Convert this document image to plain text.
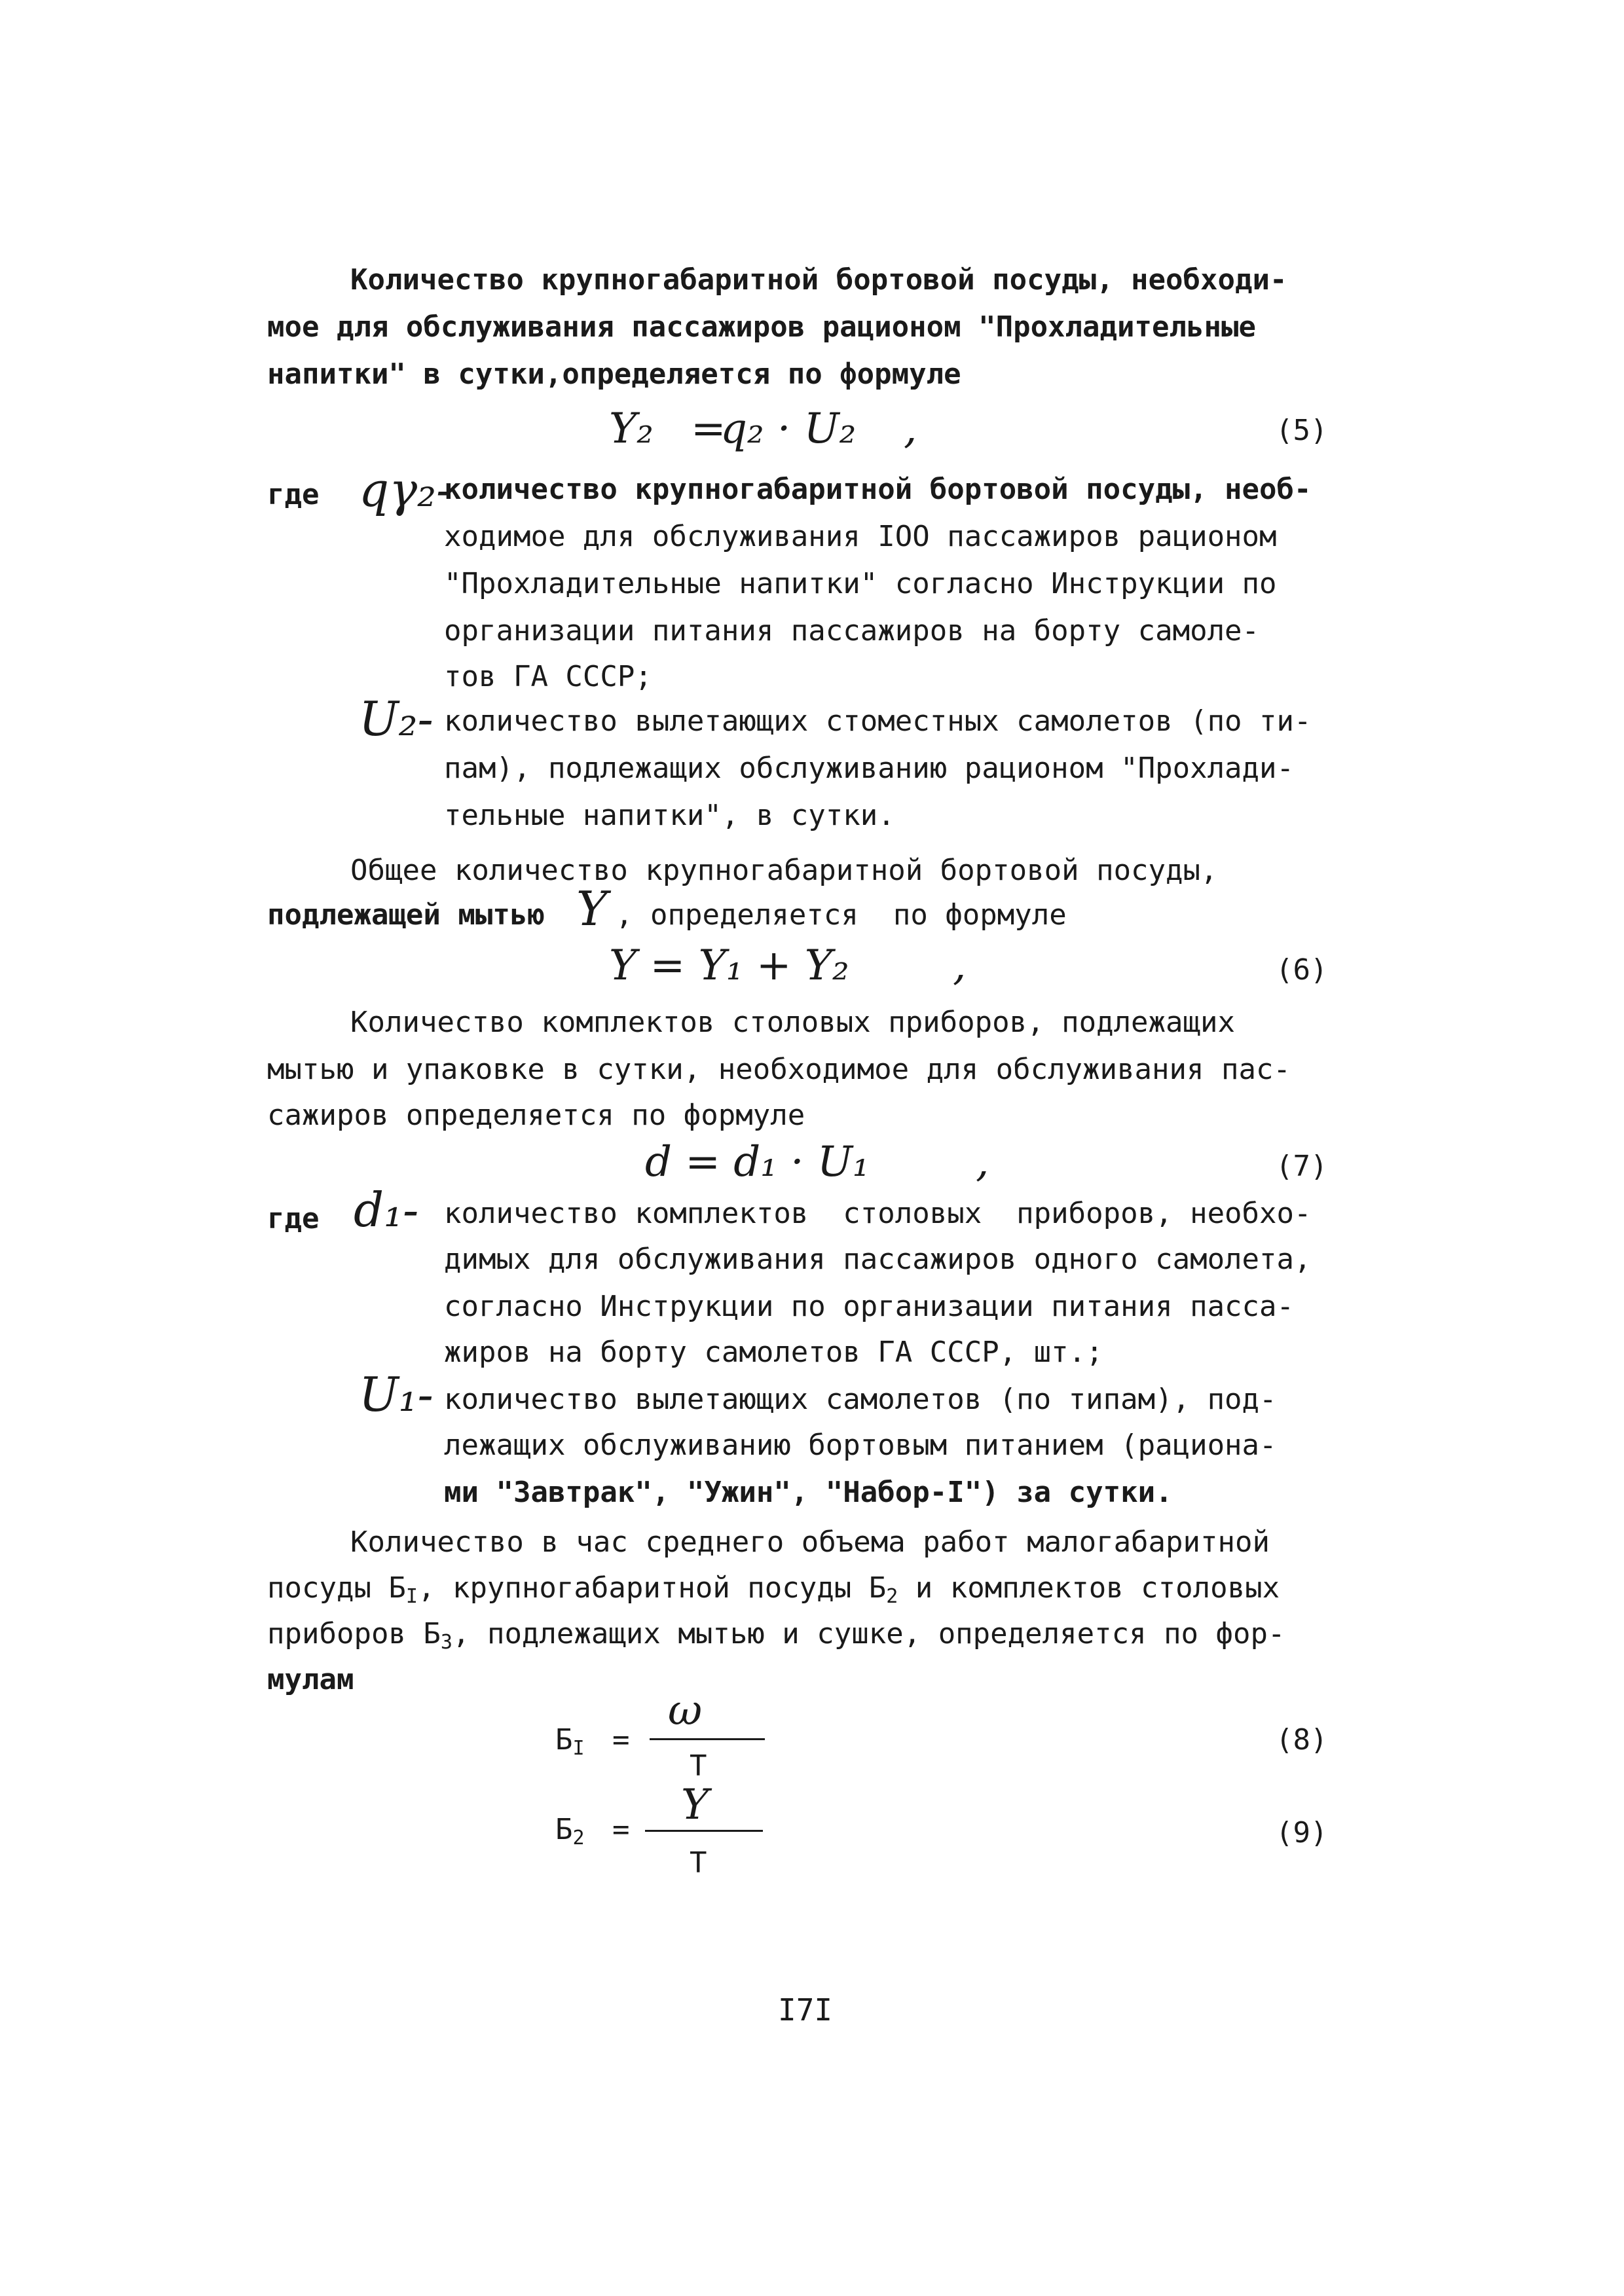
Количество крупногабаритной бортовой посуды, необходи-
мое для обслуживания пассажиров рационом "Прохладительные
напитки" в сутки,определяется по формуле
Y₂ =
q₂ · U₂ ,	(5)
где qγ₂-
количество крупногабаритной бортовой посуды, необ-
ходимое для обслуживания IOO пассажиров рационом
"Прохладительные напитки" согласно Инструкции по
организации питания пассажиров на борту самоле-
тов ГА СССР;
U₂- количество вылетающих стоместных самолетов (по ти-
пам), подлежащих обслуживанию рационом "Прохлади-
тельные напитки", в сутки.
Общее количество крупногабаритной бортовой посуды,
подлежащей мытью Y , определяется  по формуле
Y = Y₁ + Y₂ ,	(6)
Количество комплектов столовых приборов, подлежащих
мытью и упаковке в сутки, необходимое для обслуживания пас-
сажиров определяется по формуле
d = d₁ · U₁	,	(7)
где d₁- количество комплектов  столовых  приборов, необхо-
димых для обслуживания пассажиров одного самолета,
согласно Инструкции по организации питания пасса-
жиров на борту самолетов ГА СССР, шт.;
U₁- количество вылетающих самолетов (по типам), под-
лежащих обслуживанию бортовым питанием (рациона-
ми "Завтрак", "Ужин", "Набор-I") за сутки.
Количество в час среднего объема работ малогабаритной
посуды $Б_I$, крупногабаритной посуды $Б_2$ и комплектов столовых
приборов $Б_3$, подлежащих мытью и сушке, определяется по фор-
мулам
$Б_I$ =
ω
Т
(8)
$Б_2$ =
Y
Т
(9)
I7I
